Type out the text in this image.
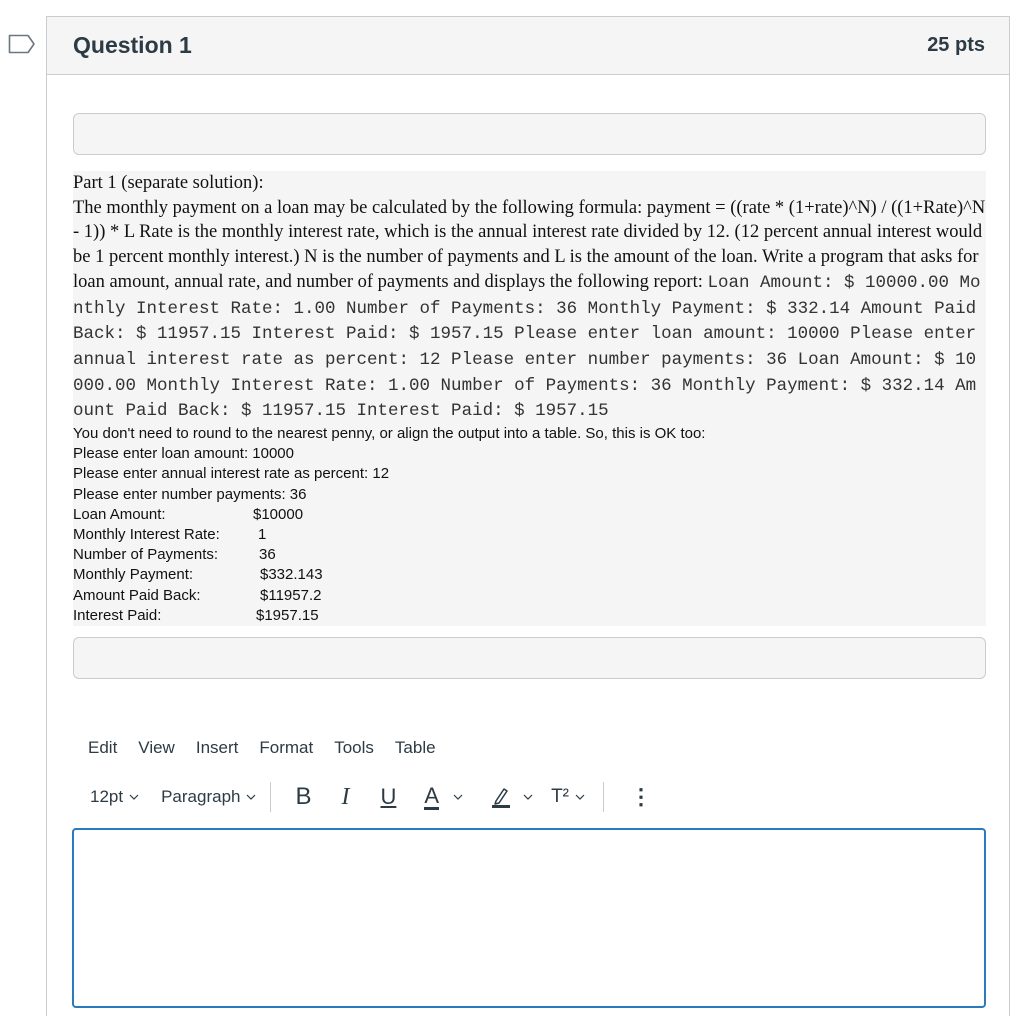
Question 1	25 pts
Part 1 (separate solution):
The monthly payment on a loan may be calculated by the following formula: payment = ((rate * (1+rate)^N) / ((1+Rate)^N - 1)) * L Rate is the monthly interest rate, which is the annual interest rate divided by 12. (12 percent annual interest would be 1 percent monthly interest.) N is the number of payments and L is the amount of the loan. Write a program that asks for loan amount, annual rate, and number of payments and displays the following report: Loan Amount: $ 10000.00 Monthly Interest Rate: 1.00 Number of Payments: 36 Monthly Payment: $ 332.14 Amount Paid Back: $ 11957.15 Interest Paid: $ 1957.15 Please enter loan amount: 10000 Please enter annual interest rate as percent: 12 Please enter number payments: 36 Loan Amount: $ 10000.00 Monthly Interest Rate: 1.00 Number of Payments: 36 Monthly Payment: $ 332.14 Amount Paid Back: $ 11957.15 Interest Paid: $ 1957.15
You don't need to round to the nearest penny, or align the output into a table. So, this is OK too:
Please enter loan amount: 10000
Please enter annual interest rate as percent: 12
Please enter number payments: 36
Loan Amount:	$10000
Monthly Interest Rate:	1
Number of Payments:	36
Monthly Payment:	$332.143
Amount Paid Back:	$11957.2
Interest Paid:	$1957.15
Edit View Insert Format Tools Table
12pt Paragraph B I U A	T²	⋮
